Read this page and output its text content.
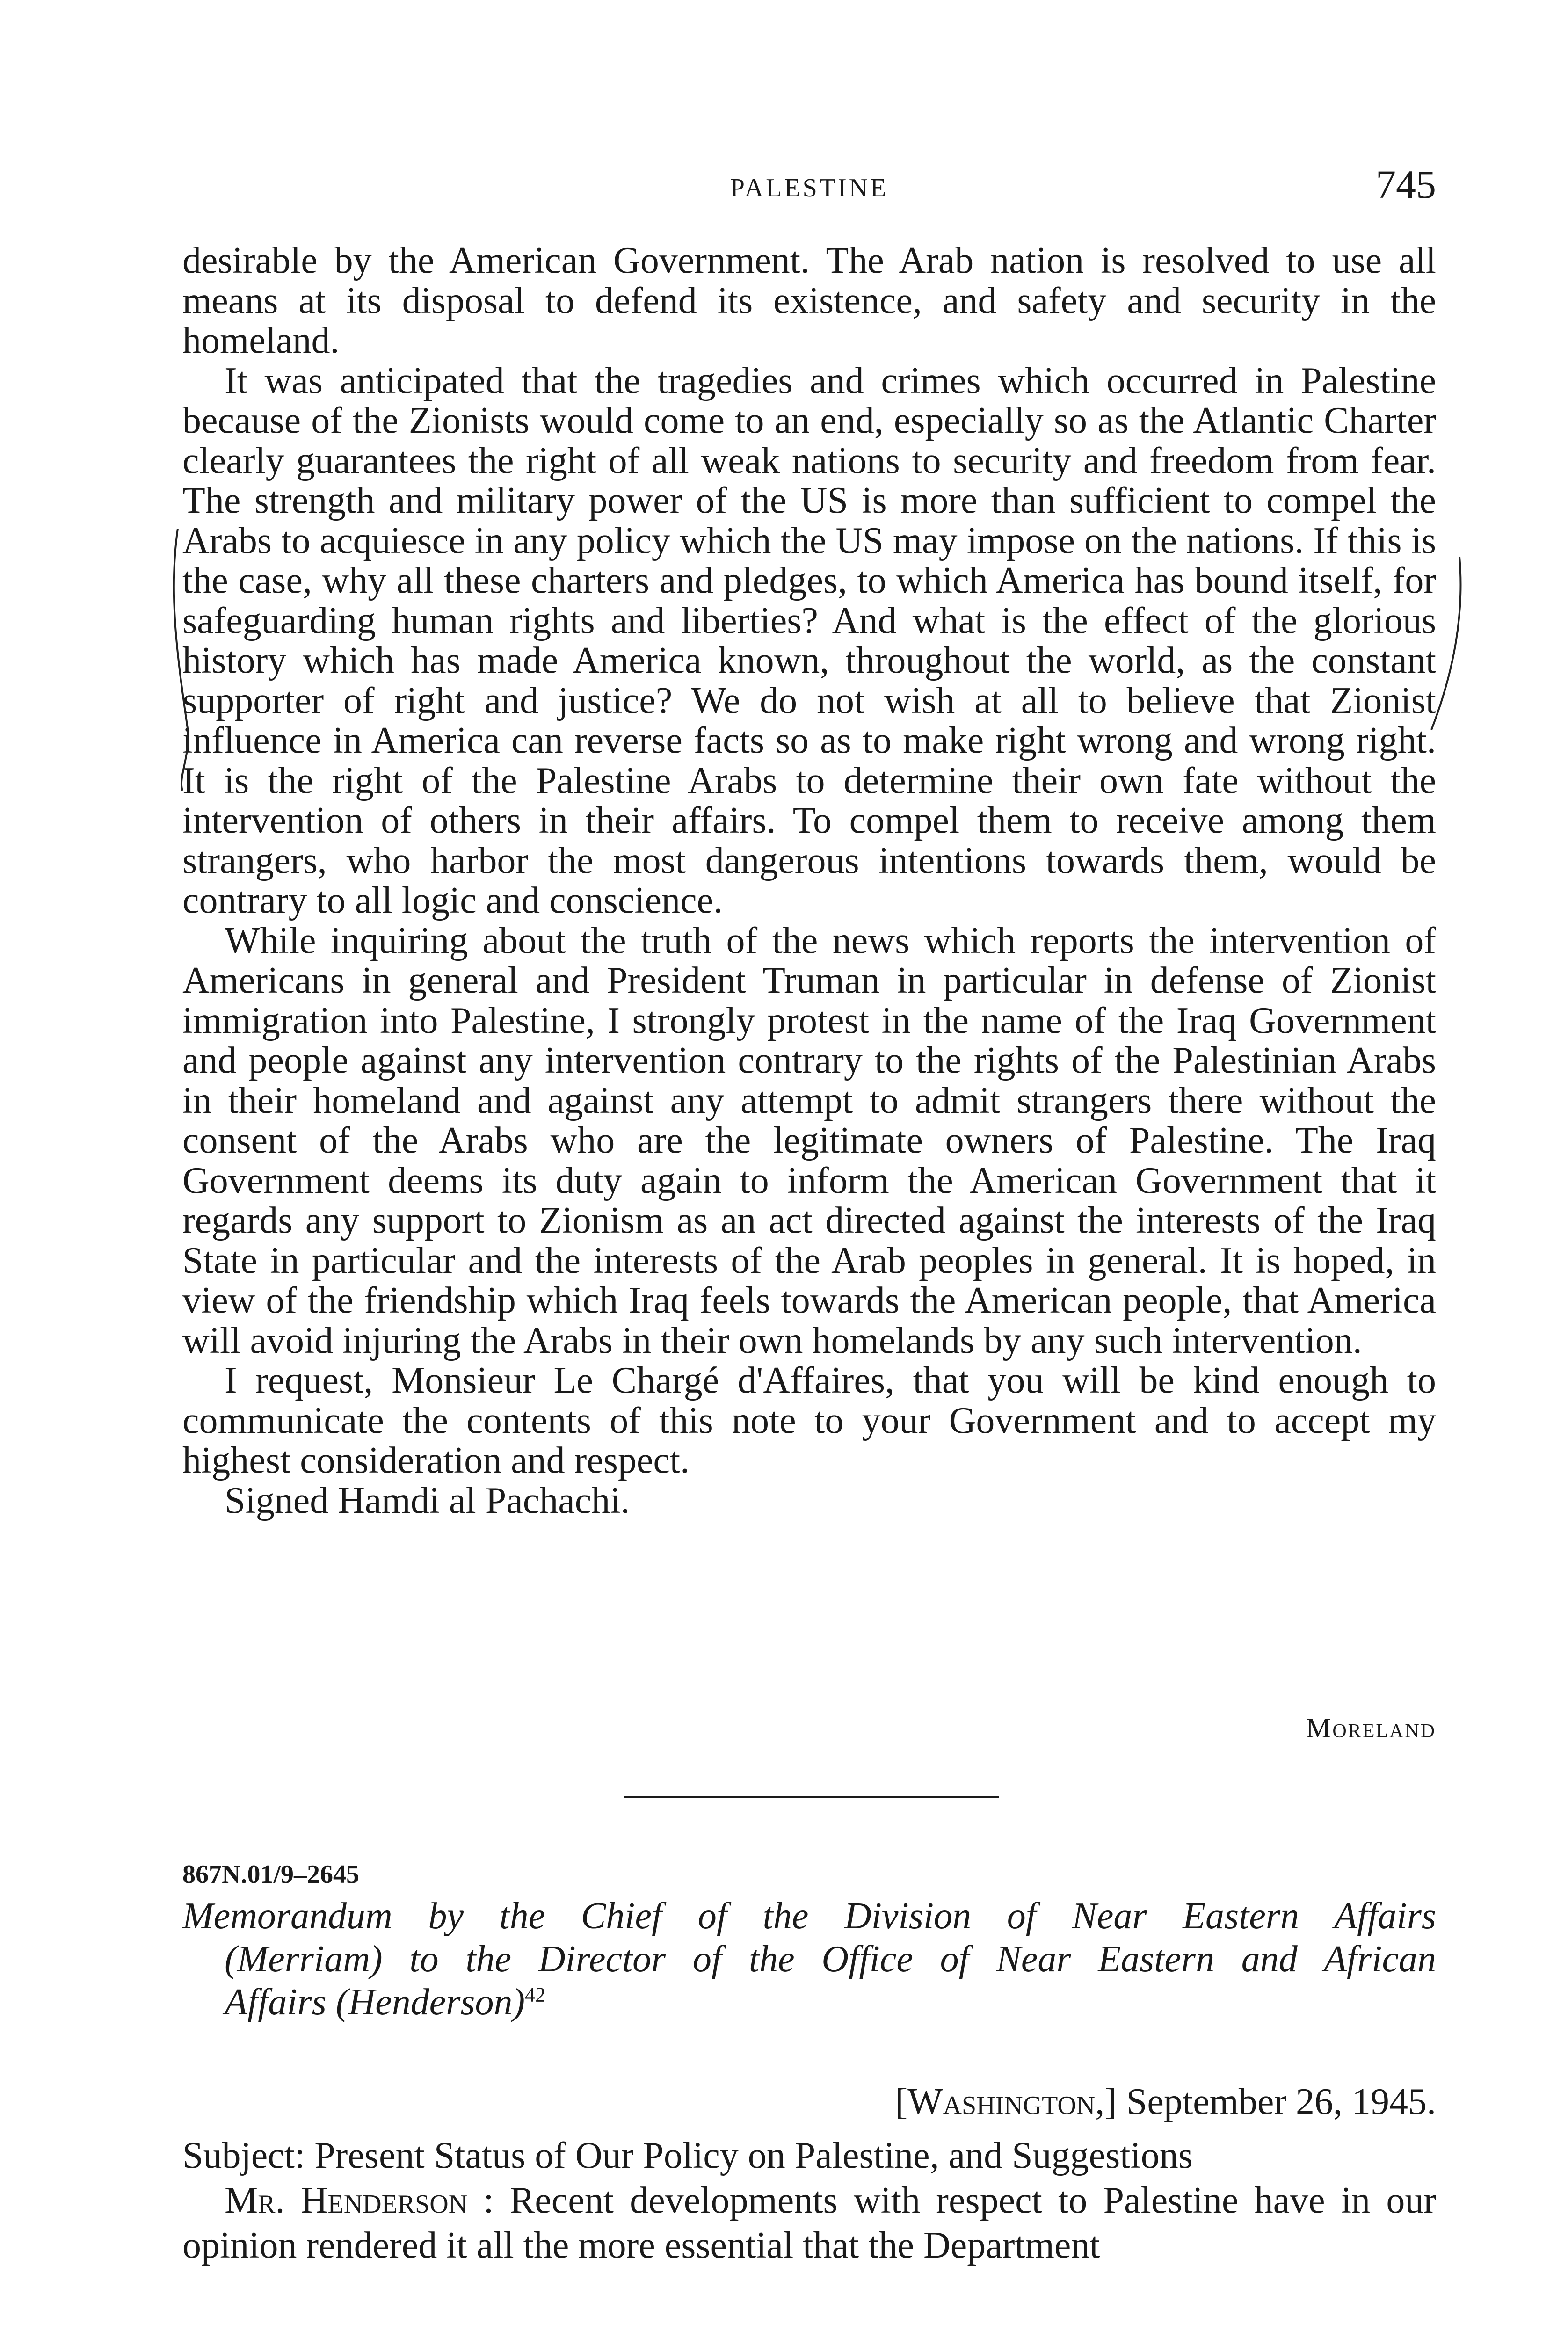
PALESTINE	745

desirable by the American Government. The Arab nation is resolved to use all means at its disposal to defend its existence, and safety and security in the homeland.

It was anticipated that the tragedies and crimes which occurred in Palestine because of the Zionists would come to an end, especially so as the Atlantic Charter clearly guarantees the right of all weak nations to security and freedom from fear. The strength and military power of the US is more than sufficient to compel the Arabs to acquiesce in any policy which the US may impose on the nations. If this is the case, why all these charters and pledges, to which America has bound itself, for safeguarding human rights and liberties? And what is the effect of the glorious history which has made America known, throughout the world, as the constant supporter of right and justice? We do not wish at all to believe that Zionist influence in America can reverse facts so as to make right wrong and wrong right. It is the right of the Palestine Arabs to determine their own fate without the intervention of others in their affairs. To compel them to receive among them strangers, who harbor the most dangerous intentions towards them, would be contrary to all logic and conscience.

While inquiring about the truth of the news which reports the intervention of Americans in general and President Truman in particular in defense of Zionist immigration into Palestine, I strongly protest in the name of the Iraq Government and people against any intervention contrary to the rights of the Palestinian Arabs in their homeland and against any attempt to admit strangers there without the consent of the Arabs who are the legitimate owners of Palestine. The Iraq Government deems its duty again to inform the American Government that it regards any support to Zionism as an act directed against the interests of the Iraq State in particular and the interests of the Arab peoples in general. It is hoped, in view of the friendship which Iraq feels towards the American people, that America will avoid injuring the Arabs in their own homelands by any such intervention.

I request, Monsieur Le Chargé d'Affaires, that you will be kind enough to communicate the contents of this note to your Government and to accept my highest consideration and respect.

Signed Hamdi al Pachachi.

Moreland
867N.01/9–2645
Memorandum by the Chief of the Division of Near Eastern Affairs
(Merriam) to the Director of the Office of Near Eastern and African
Affairs (Henderson)$^{42}$
[Washington,] September 26, 1945.

Subject: Present Status of Our Policy on Palestine, and Suggestions

Mr. Henderson : Recent developments with respect to Palestine have in our opinion rendered it all the more essential that the Department
